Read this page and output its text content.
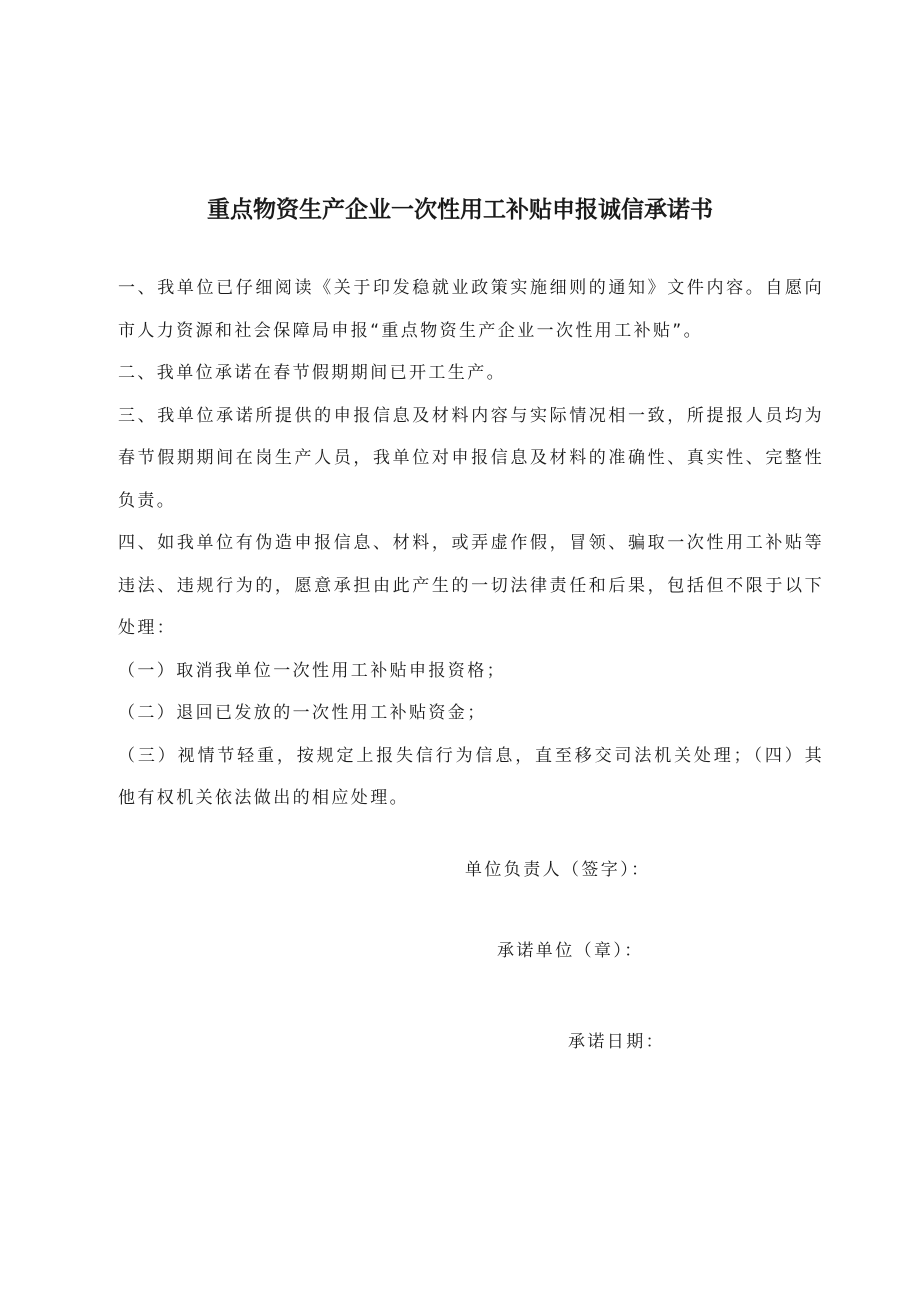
重点物资生产企业一次性用工补贴申报诚信承诺书

一、我单位已仔细阅读《关于印发稳就业政策实施细则的通知》文件内容。自愿向市人力资源和社会保障局申报“重点物资生产企业一次性用工补贴”。

二、我单位承诺在春节假期期间已开工生产。

三、我单位承诺所提供的申报信息及材料内容与实际情况相一致，所提报人员均为春节假期期间在岗生产人员，我单位对申报信息及材料的准确性、真实性、完整性负责。

四、如我单位有伪造申报信息、材料，或弄虚作假，冒领、骗取一次性用工补贴等违法、违规行为的，愿意承担由此产生的一切法律责任和后果，包括但不限于以下处理：

（一）取消我单位一次性用工补贴申报资格；

（二）退回已发放的一次性用工补贴资金；

（三）视情节轻重，按规定上报失信行为信息，直至移交司法机关处理；（四）其他有权机关依法做出的相应处理。

单位负责人（签字）：
承诺单位（章）：
承诺日期：
